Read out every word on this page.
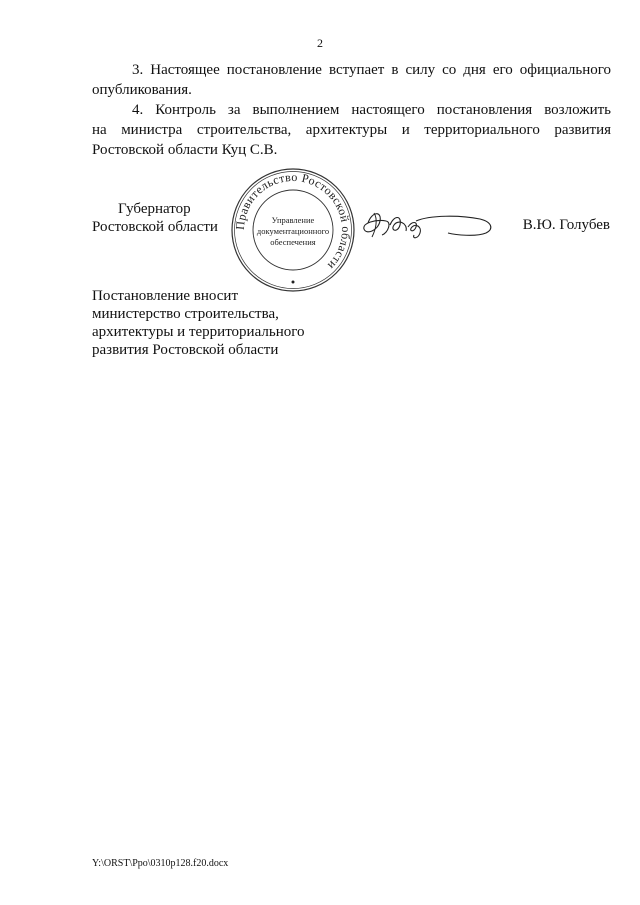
2
3. Настоящее постановление вступает в силу со дня его официального
опубликования.
4. Контроль за выполнением настоящего постановления возложить
на министра строительства, архитектуры и территориального развития
Ростовской области Куц С.В.
Губернатор
Ростовской области Правительство Ростовской области
Управление
документационного
обеспечения
В.Ю. Голубев
Постановление вносит
министерство строительства,
архитектуры и территориального
развития Ростовской области
Y:\ORST\Ppo\0310p128.f20.docx
